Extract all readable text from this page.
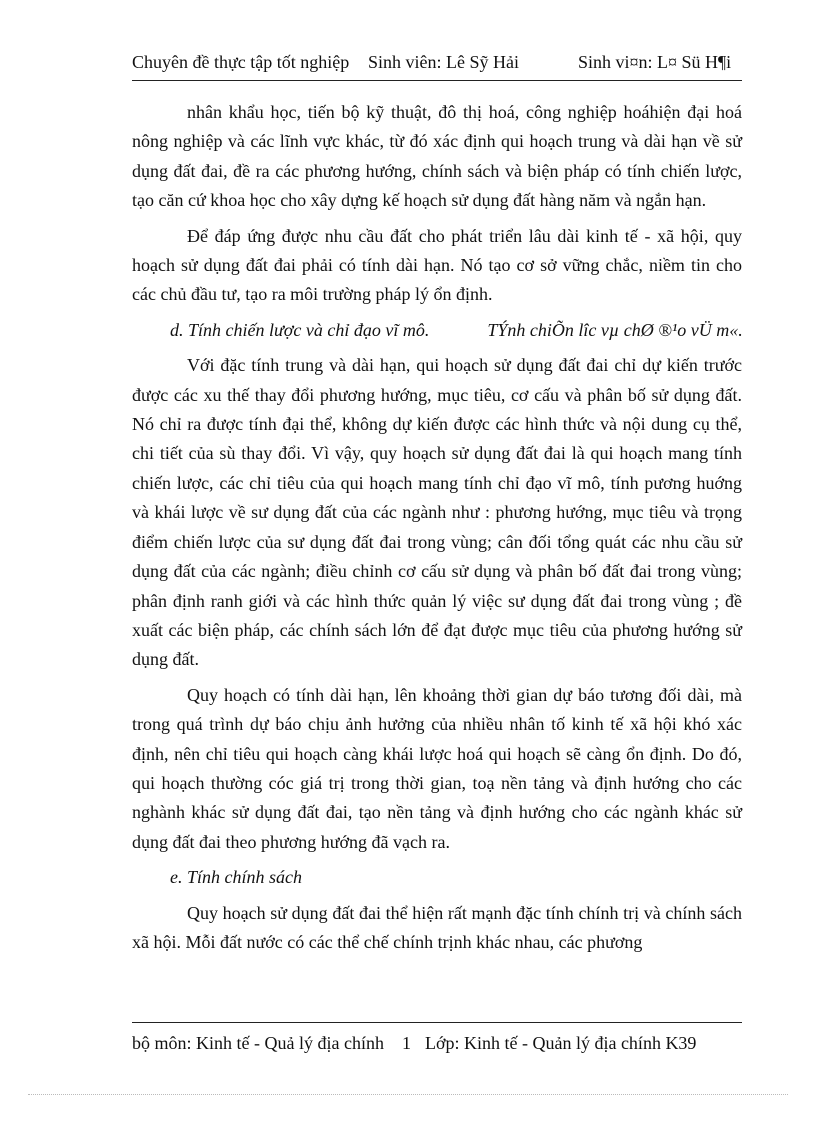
Chuyên đề thực tập tốt nghiệp Sinh viên: Lê Sỹ Hải	Sinh vi¤n: L¤ Sü H¶i

nhân khẩu học, tiến bộ kỹ thuật, đô thị hoá, công nghiệp hoáhiện đại hoá nông nghiệp và các lĩnh vực khác, từ đó xác định qui hoạch trung và dài hạn về sử dụng đất đai, đề ra các phương hướng, chính sách và biện pháp có tính chiến lược, tạo căn cứ khoa học cho xây dựng kế hoạch sử dụng đất hàng năm và ngắn hạn.

Để đáp ứng được nhu cầu đất cho phát triển lâu dài kinh tế - xã hội, quy hoạch sử dụng đất đai phải có tính dài hạn. Nó tạo cơ sở vững chắc, niềm tin cho các chủ đầu tư, tạo ra môi trường pháp lý ổn định.

d. Tính chiến lược và chỉ đạo vĩ mô.	TÝnh chiÕn lîc vµ chØ ®¹o vÜ m«.

Với đặc tính trung và dài hạn, qui hoạch sử dụng đất đai chỉ dự kiến trước được các xu thế thay đổi phương hướng, mục tiêu, cơ cấu và phân bố sử dụng đất. Nó chỉ ra được tính đại thể, không dự kiến được các hình thức và nội dung cụ thể, chi tiết của sù thay đổi. Vì vậy, quy hoạch sử dụng đất đai là qui hoạch mang tính chiến lược, các chỉ tiêu của qui hoạch mang tính chỉ đạo vĩ mô, tính pương huớng và khái lược về sư dụng đất của các ngành như : phương hướng, mục tiêu và trọng điểm chiến lược của sư dụng đất đai trong vùng; cân đối tổng quát các nhu cầu sử dụng đất của các ngành; điều chỉnh cơ cấu sử dụng và phân bố đất đai trong vùng; phân định ranh giới và các hình thức quản lý việc sư dụng đất đai trong vùng ; đề xuất các biện pháp, các chính sách lớn để đạt được mục tiêu của phương hướng sử dụng đất.

Quy hoạch có tính dài hạn, lên khoảng thời gian dự báo tương đối dài, mà trong quá trình dự báo chịu ảnh hưởng của nhiều nhân tố kinh tế xã hội khó xác định, nên chỉ tiêu qui hoạch càng khái lược hoá qui hoạch sẽ càng ổn định. Do đó, qui hoạch thường cóc giá trị trong thời gian, toạ nền tảng và định hướng cho các nghành khác sử dụng đất đai, tạo nền tảng và định hướng cho các ngành khác sử dụng đất đai theo phương hướng đã vạch ra.

e. Tính chính sách

Quy hoạch sử dụng đất đai thể hiện rất mạnh đặc tính chính trị và chính sách xã hội. Mỗi đất nước có các thể chế chính trịnh khác nhau, các phương

bộ môn: Kinh tế - Quả lý địa chính 1 Lớp: Kinh tế - Quản lý địa chính K39
